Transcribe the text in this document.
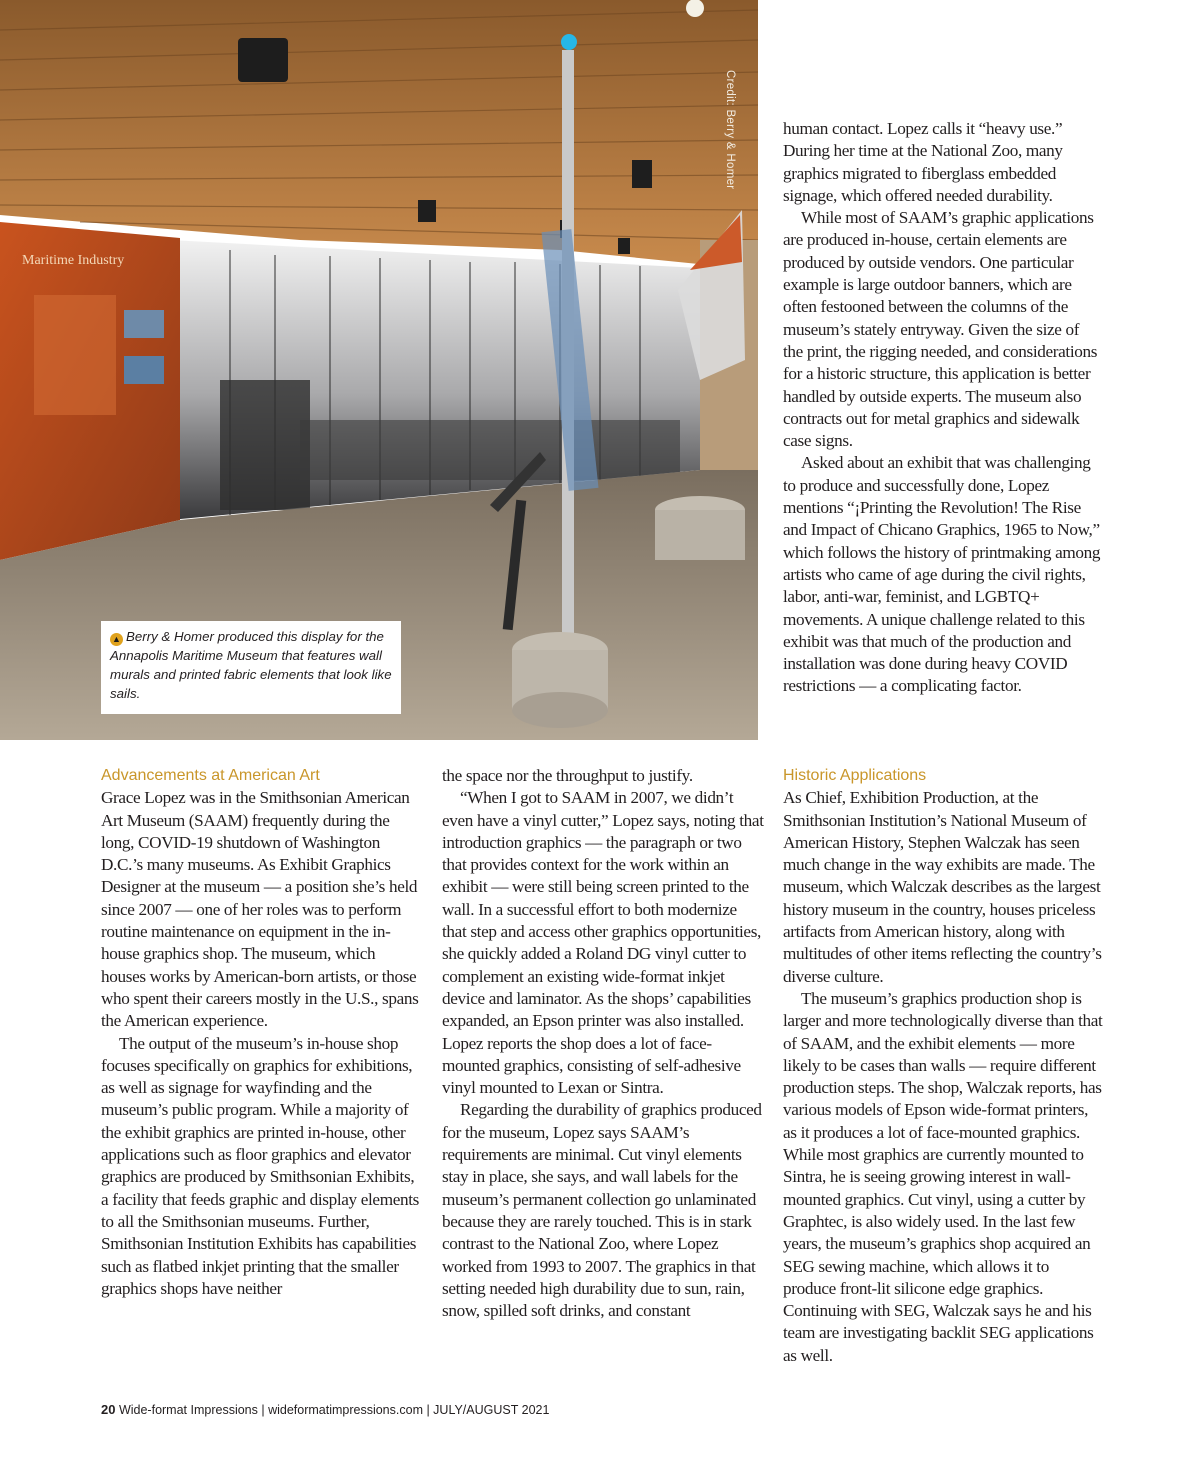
Maritime Industry
Credit: Berry & Homer
▲ Berry & Homer produced this display for the Annapolis Maritime Museum that features wall murals and printed fabric elements that look like sails.

human contact. Lopez calls it “heavy use.” During her time at the National Zoo, many graphics migrated to fiberglass embedded signage, which offered needed durability.

While most of SAAM’s graphic applications are produced in-house, certain elements are produced by outside vendors. One particular example is large outdoor banners, which are often festooned between the columns of the museum’s stately entryway. Given the size of the print, the rigging needed, and considerations for a historic structure, this application is better handled by outside experts. The museum also contracts out for metal graphics and sidewalk case signs.

Asked about an exhibit that was challenging to produce and successfully done, Lopez mentions “¡Printing the Revolution! The Rise and Impact of Chicano Graphics, 1965 to Now,” which follows the history of printmaking among artists who came of age during the civil rights, labor, anti-war, feminist, and LGBTQ+ movements. A unique challenge related to this exhibit was that much of the production and installation was done during heavy COVID restrictions — a complicating factor.

Advancements at American Art

Grace Lopez was in the Smithsonian American Art Museum (SAAM) frequently during the long, COVID-19 shutdown of Washington D.C.’s many museums. As Exhibit Graphics Designer at the museum — a position she’s held since 2007 — one of her roles was to perform routine maintenance on equipment in the in-house graphics shop. The museum, which houses works by American-born artists, or those who spent their careers mostly in the U.S., spans the American experience.

The output of the museum’s in-house shop focuses specifically on graphics for exhibitions, as well as signage for wayfinding and the museum’s public program. While a majority of the exhibit graphics are printed in-house, other applications such as floor graphics and elevator graphics are produced by Smithsonian Exhibits, a facility that feeds graphic and display elements to all the Smithsonian museums. Further, Smithsonian Institution Exhibits has capabilities such as flatbed inkjet printing that the smaller graphics shops have neither

the space nor the throughput to justify.

“When I got to SAAM in 2007, we didn’t even have a vinyl cutter,” Lopez says, noting that introduction graphics — the paragraph or two that provides context for the work within an exhibit — were still being screen printed to the wall. In a successful effort to both modernize that step and access other graphics opportunities, she quickly added a Roland DG vinyl cutter to complement an existing wide-format inkjet device and laminator. As the shops’ capabilities expanded, an Epson printer was also installed. Lopez reports the shop does a lot of face-mounted graphics, consisting of self-adhesive vinyl mounted to Lexan or Sintra.

Regarding the durability of graphics produced for the museum, Lopez says SAAM’s requirements are minimal. Cut vinyl elements stay in place, she says, and wall labels for the museum’s permanent collection go unlaminated because they are rarely touched. This is in stark contrast to the National Zoo, where Lopez worked from 1993 to 2007. The graphics in that setting needed high durability due to sun, rain, snow, spilled soft drinks, and constant

Historic Applications

As Chief, Exhibition Production, at the Smithsonian Institution’s National Museum of American History, Stephen Walczak has seen much change in the way exhibits are made. The museum, which Walczak describes as the largest history museum in the country, houses priceless artifacts from American history, along with multitudes of other items reflecting the country’s diverse culture.

The museum’s graphics production shop is larger and more technologically diverse than that of SAAM, and the exhibit elements — more likely to be cases than walls — require different production steps. The shop, Walczak reports, has various models of Epson wide-format printers, as it produces a lot of face-mounted graphics. While most graphics are currently mounted to Sintra, he is seeing growing interest in wall-mounted graphics. Cut vinyl, using a cutter by Graphtec, is also widely used. In the last few years, the museum’s graphics shop acquired an SEG sewing machine, which allows it to produce front-lit silicone edge graphics. Continuing with SEG, Walczak says he and his team are investigating backlit SEG applications as well.

20 Wide-format Impressions | wideformatimpressions.com | JULY/AUGUST 2021
